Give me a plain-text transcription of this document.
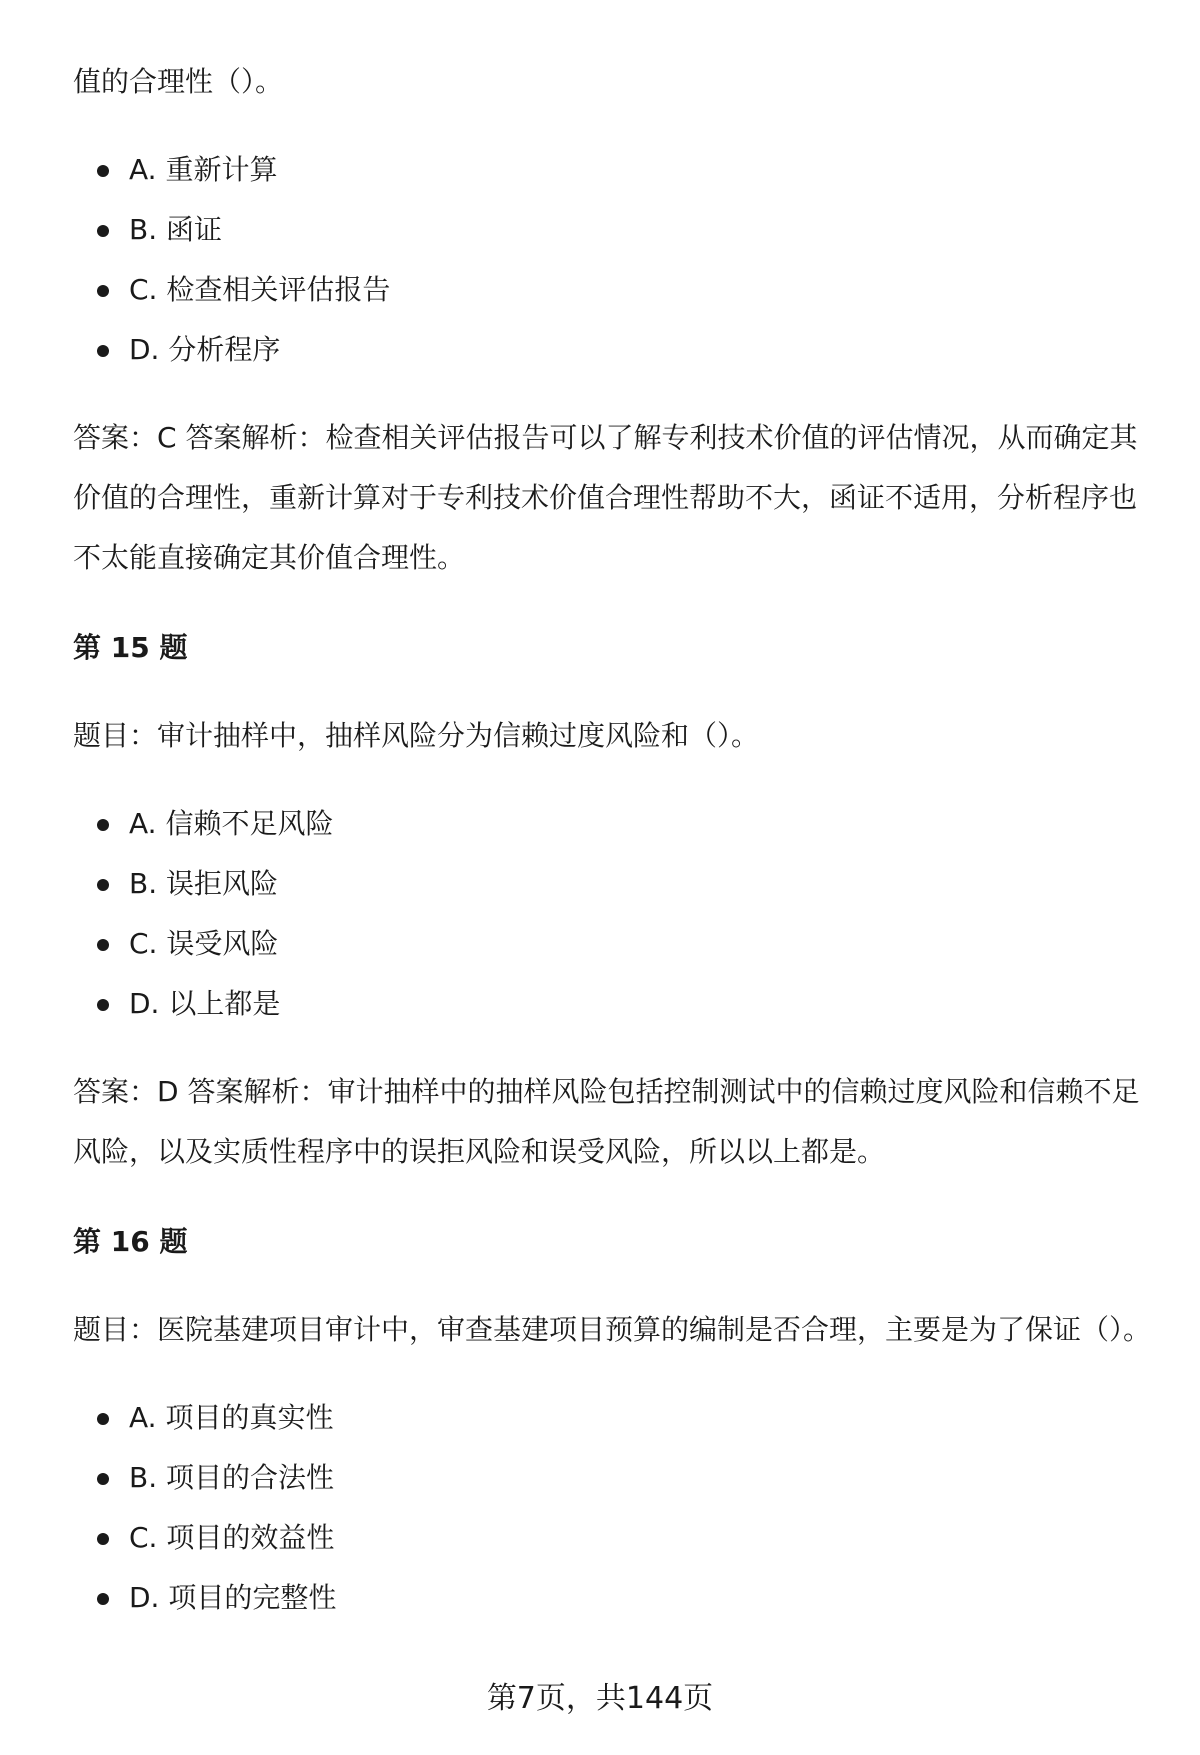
值的合理性（）。

A. 重新计算
B. 函证
C. 检查相关评估报告
D. 分析程序

答案：C 答案解析：检查相关评估报告可以了解专利技术价值的评估情况，从而确定其价值的合理性，重新计算对于专利技术价值合理性帮助不大，函证不适用，分析程序也不太能直接确定其价值合理性。

第 15 题

题目：审计抽样中，抽样风险分为信赖过度风险和（）。

A. 信赖不足风险
B. 误拒风险
C. 误受风险
D. 以上都是

答案：D 答案解析：审计抽样中的抽样风险包括控制测试中的信赖过度风险和信赖不足风险，以及实质性程序中的误拒风险和误受风险，所以以上都是。

第 16 题

题目：医院基建项目审计中，审查基建项目预算的编制是否合理，主要是为了保证（）。

A. 项目的真实性
B. 项目的合法性
C. 项目的效益性
D. 项目的完整性
第7页，共144页
